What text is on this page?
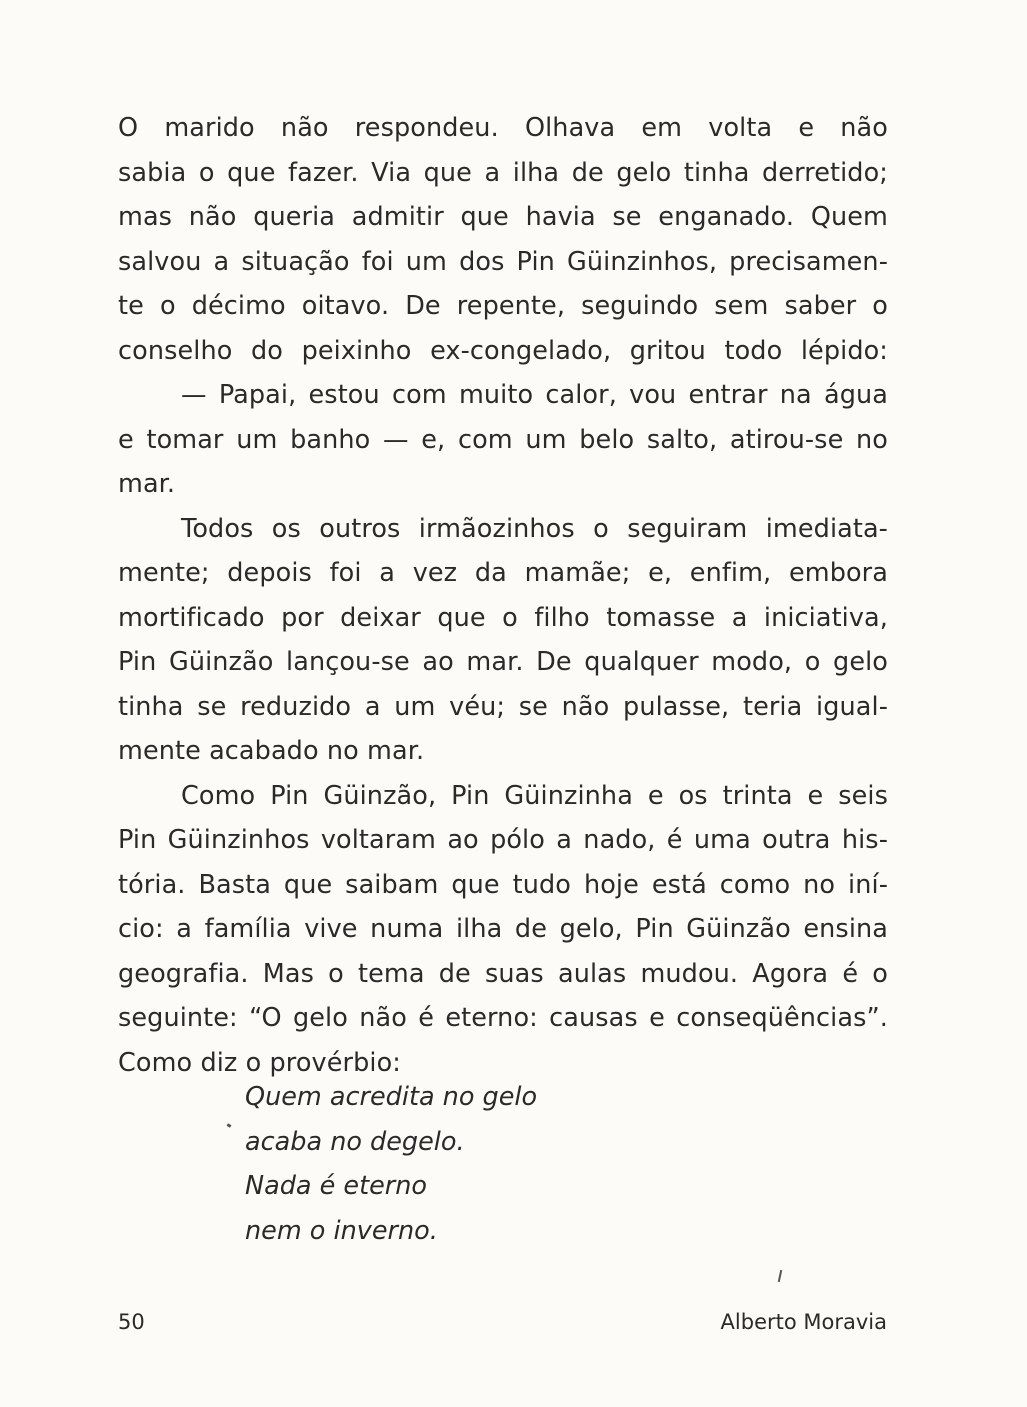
O marido não respondeu. Olhava em volta e não
sabia o que fazer. Via que a ilha de gelo tinha derretido;
mas não queria admitir que havia se enganado. Quem
salvou a situação foi um dos Pin Güinzinhos, precisamen-
te o décimo oitavo. De repente, seguindo sem saber o
conselho do peixinho ex-congelado, gritou todo lépido:
— Papai, estou com muito calor, vou entrar na água
e tomar um banho — e, com um belo salto, atirou-se no
mar.
Todos os outros irmãozinhos o seguiram imediata-
mente; depois foi a vez da mamãe; e, enfim, embora
mortificado por deixar que o filho tomasse a iniciativa,
Pin Güinzão lançou-se ao mar. De qualquer modo, o gelo
tinha se reduzido a um véu; se não pulasse, teria igual-
mente acabado no mar.
Como Pin Güinzão, Pin Güinzinha e os trinta e seis
Pin Güinzinhos voltaram ao pólo a nado, é uma outra his-
tória. Basta que saibam que tudo hoje está como no iní-
cio: a família vive numa ilha de gelo, Pin Güinzão ensina
geografia. Mas o tema de suas aulas mudou. Agora é o
seguinte: “O gelo não é eterno: causas e conseqüências”.
Como diz o provérbio:
Quem acredita no gelo
acaba no degelo.
Nada é eterno
nem o inverno.
50	Alberto Moravia
